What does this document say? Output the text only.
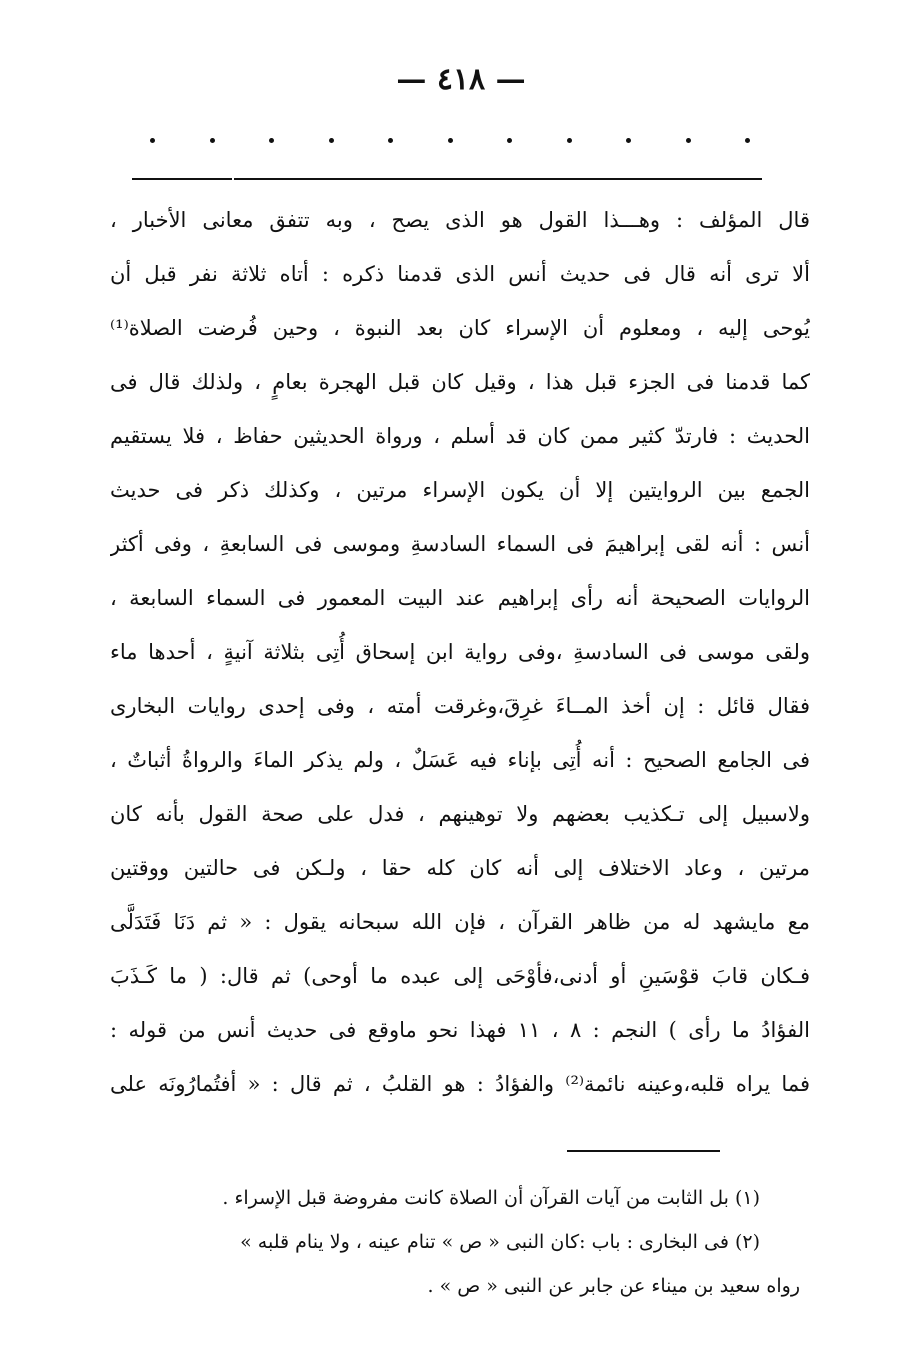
— ٤١٨ —
قال المؤلف : وهـــذا القول هو الذى يصح ، وبه تتفق معانى الأخبار ،
ألا ترى أنه قال فى حديث أنس الذى قدمنا ذكره : أتاه ثلاثة نفر قبل أن
يُوحى إليه ، ومعلوم أن الإسراء كان بعد النبوة ، وحين فُرضت الصلاة⁽¹⁾
كما قدمنا فى الجزء قبل هذا ، وقيل كان قبل الهجرة بعامٍ ، ولذلك قال فى
الحديث : فارتدّ كثير ممن كان قد أسلم ، ورواة الحديثين حفاظ ، فلا يستقيم
الجمع بين الروايتين إلا أن يكون الإسراء مرتين ، وكذلك ذكر فى حديث
أنس : أنه لقى إبراهيمَ فى السماء السادسةِ وموسى فى السابعةِ ، وفى أكثر
الروايات الصحيحة أنه رأى إبراهيم عند البيت المعمور فى السماء السابعة ،
ولقى موسى فى السادسةِ ،وفى رواية ابن إسحاق أُتِى بثلاثة آنيةٍ ، أحدها ماء
فقال قائل : إن أخذ المــاءَ غرِقَ،وغرقت أمته ، وفى إحدى روايات البخارى
فى الجامع الصحيح : أنه أُتِى بإناء فيه عَسَلٌ ، ولم يذكر الماءَ والرواةُ أثباتٌ ،
ولاسبيل إلى تـكذيب بعضهم ولا توهينهم ، فدل على صحة القول بأنه كان
مرتين ، وعاد الاختلاف إلى أنه كان كله حقا ، ولـكن فى حالتين ووقتين
مع مايشهد له من ظاهر القرآن ، فإن الله سبحانه يقول : « ثم دَنَا فَتَدَلَّى
فـكان قابَ قوْسَينِ أو أدنى،فأوْحَى إلى عبده ما أوحى) ثم قال: ( ما كَـذَبَ
الفؤادُ ما رأى ) النجم : ٨ ، ١١ فهذا نحو ماوقع فى حديث أنس من قوله :
فما يراه قلبه،وعينه نائمة⁽²⁾ والفؤادُ : هو القلبُ ، ثم قال : « أفتُمارُونَه على
(١) بل الثابت من آيات القرآن أن الصلاة كانت مفروضة قبل الإسراء .
(٢) فى البخارى : باب :كان النبى « ص » تنام عينه ، ولا ينام قلبه »
رواه سعيد بن ميناء عن جابر عن النبى « ص » .
